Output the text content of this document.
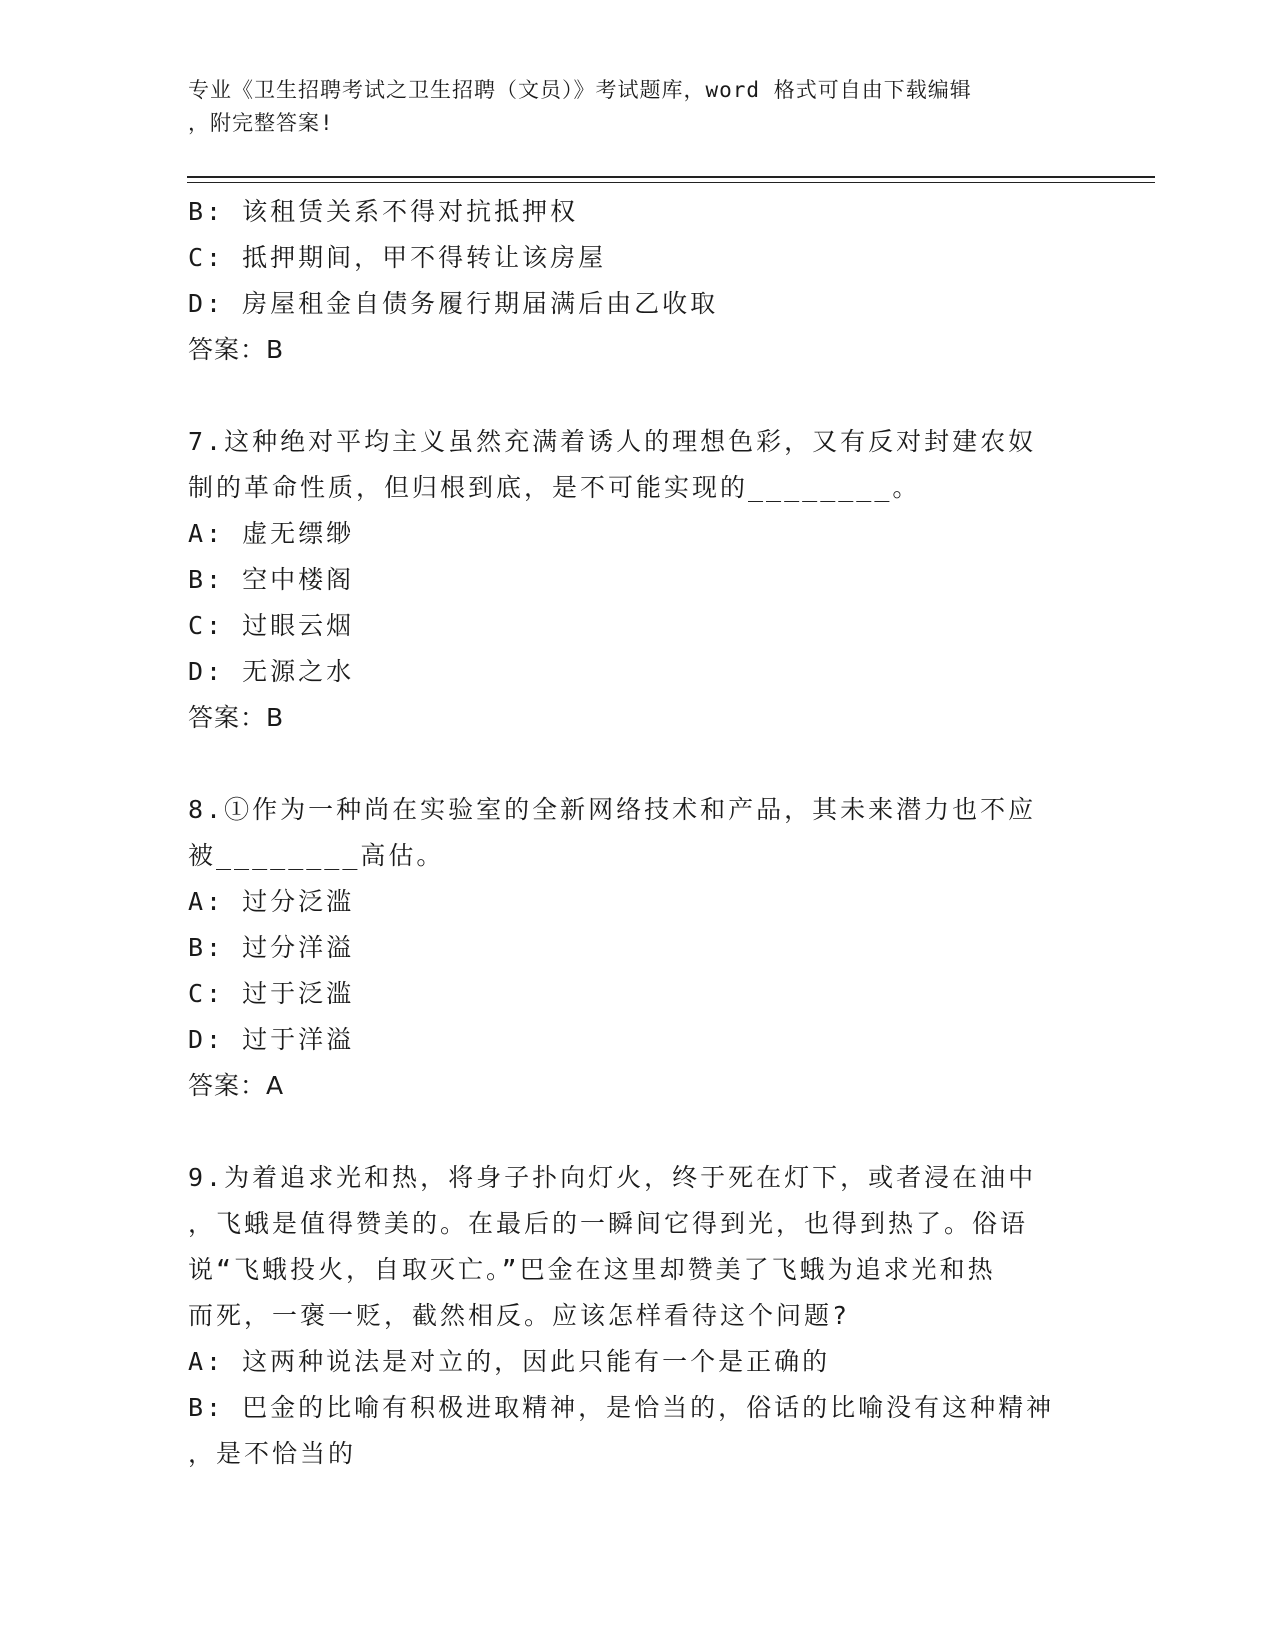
专业《卫生招聘考试之卫生招聘（文员）》考试题库，word 格式可自由下载编辑
，附完整答案!
B: 该租赁关系不得对抗抵押权
C: 抵押期间，甲不得转让该房屋
D: 房屋租金自债务履行期届满后由乙收取
答案：B
7.这种绝对平均主义虽然充满着诱人的理想色彩，又有反对封建农奴
制的革命性质，但归根到底，是不可能实现的________。
A: 虚无缥缈
B: 空中楼阁
C: 过眼云烟
D: 无源之水
答案：B
8.①作为一种尚在实验室的全新网络技术和产品，其未来潜力也不应
被________高估。
A: 过分泛滥
B: 过分洋溢
C: 过于泛滥
D: 过于洋溢
答案：A
9.为着追求光和热，将身子扑向灯火，终于死在灯下，或者浸在油中
，飞蛾是值得赞美的。在最后的一瞬间它得到光，也得到热了。俗语
说“飞蛾投火，自取灭亡。”巴金在这里却赞美了飞蛾为追求光和热
而死，一褒一贬，截然相反。应该怎样看待这个问题?
A: 这两种说法是对立的，因此只能有一个是正确的
B: 巴金的比喻有积极进取精神，是恰当的，俗话的比喻没有这种精神
，是不恰当的
